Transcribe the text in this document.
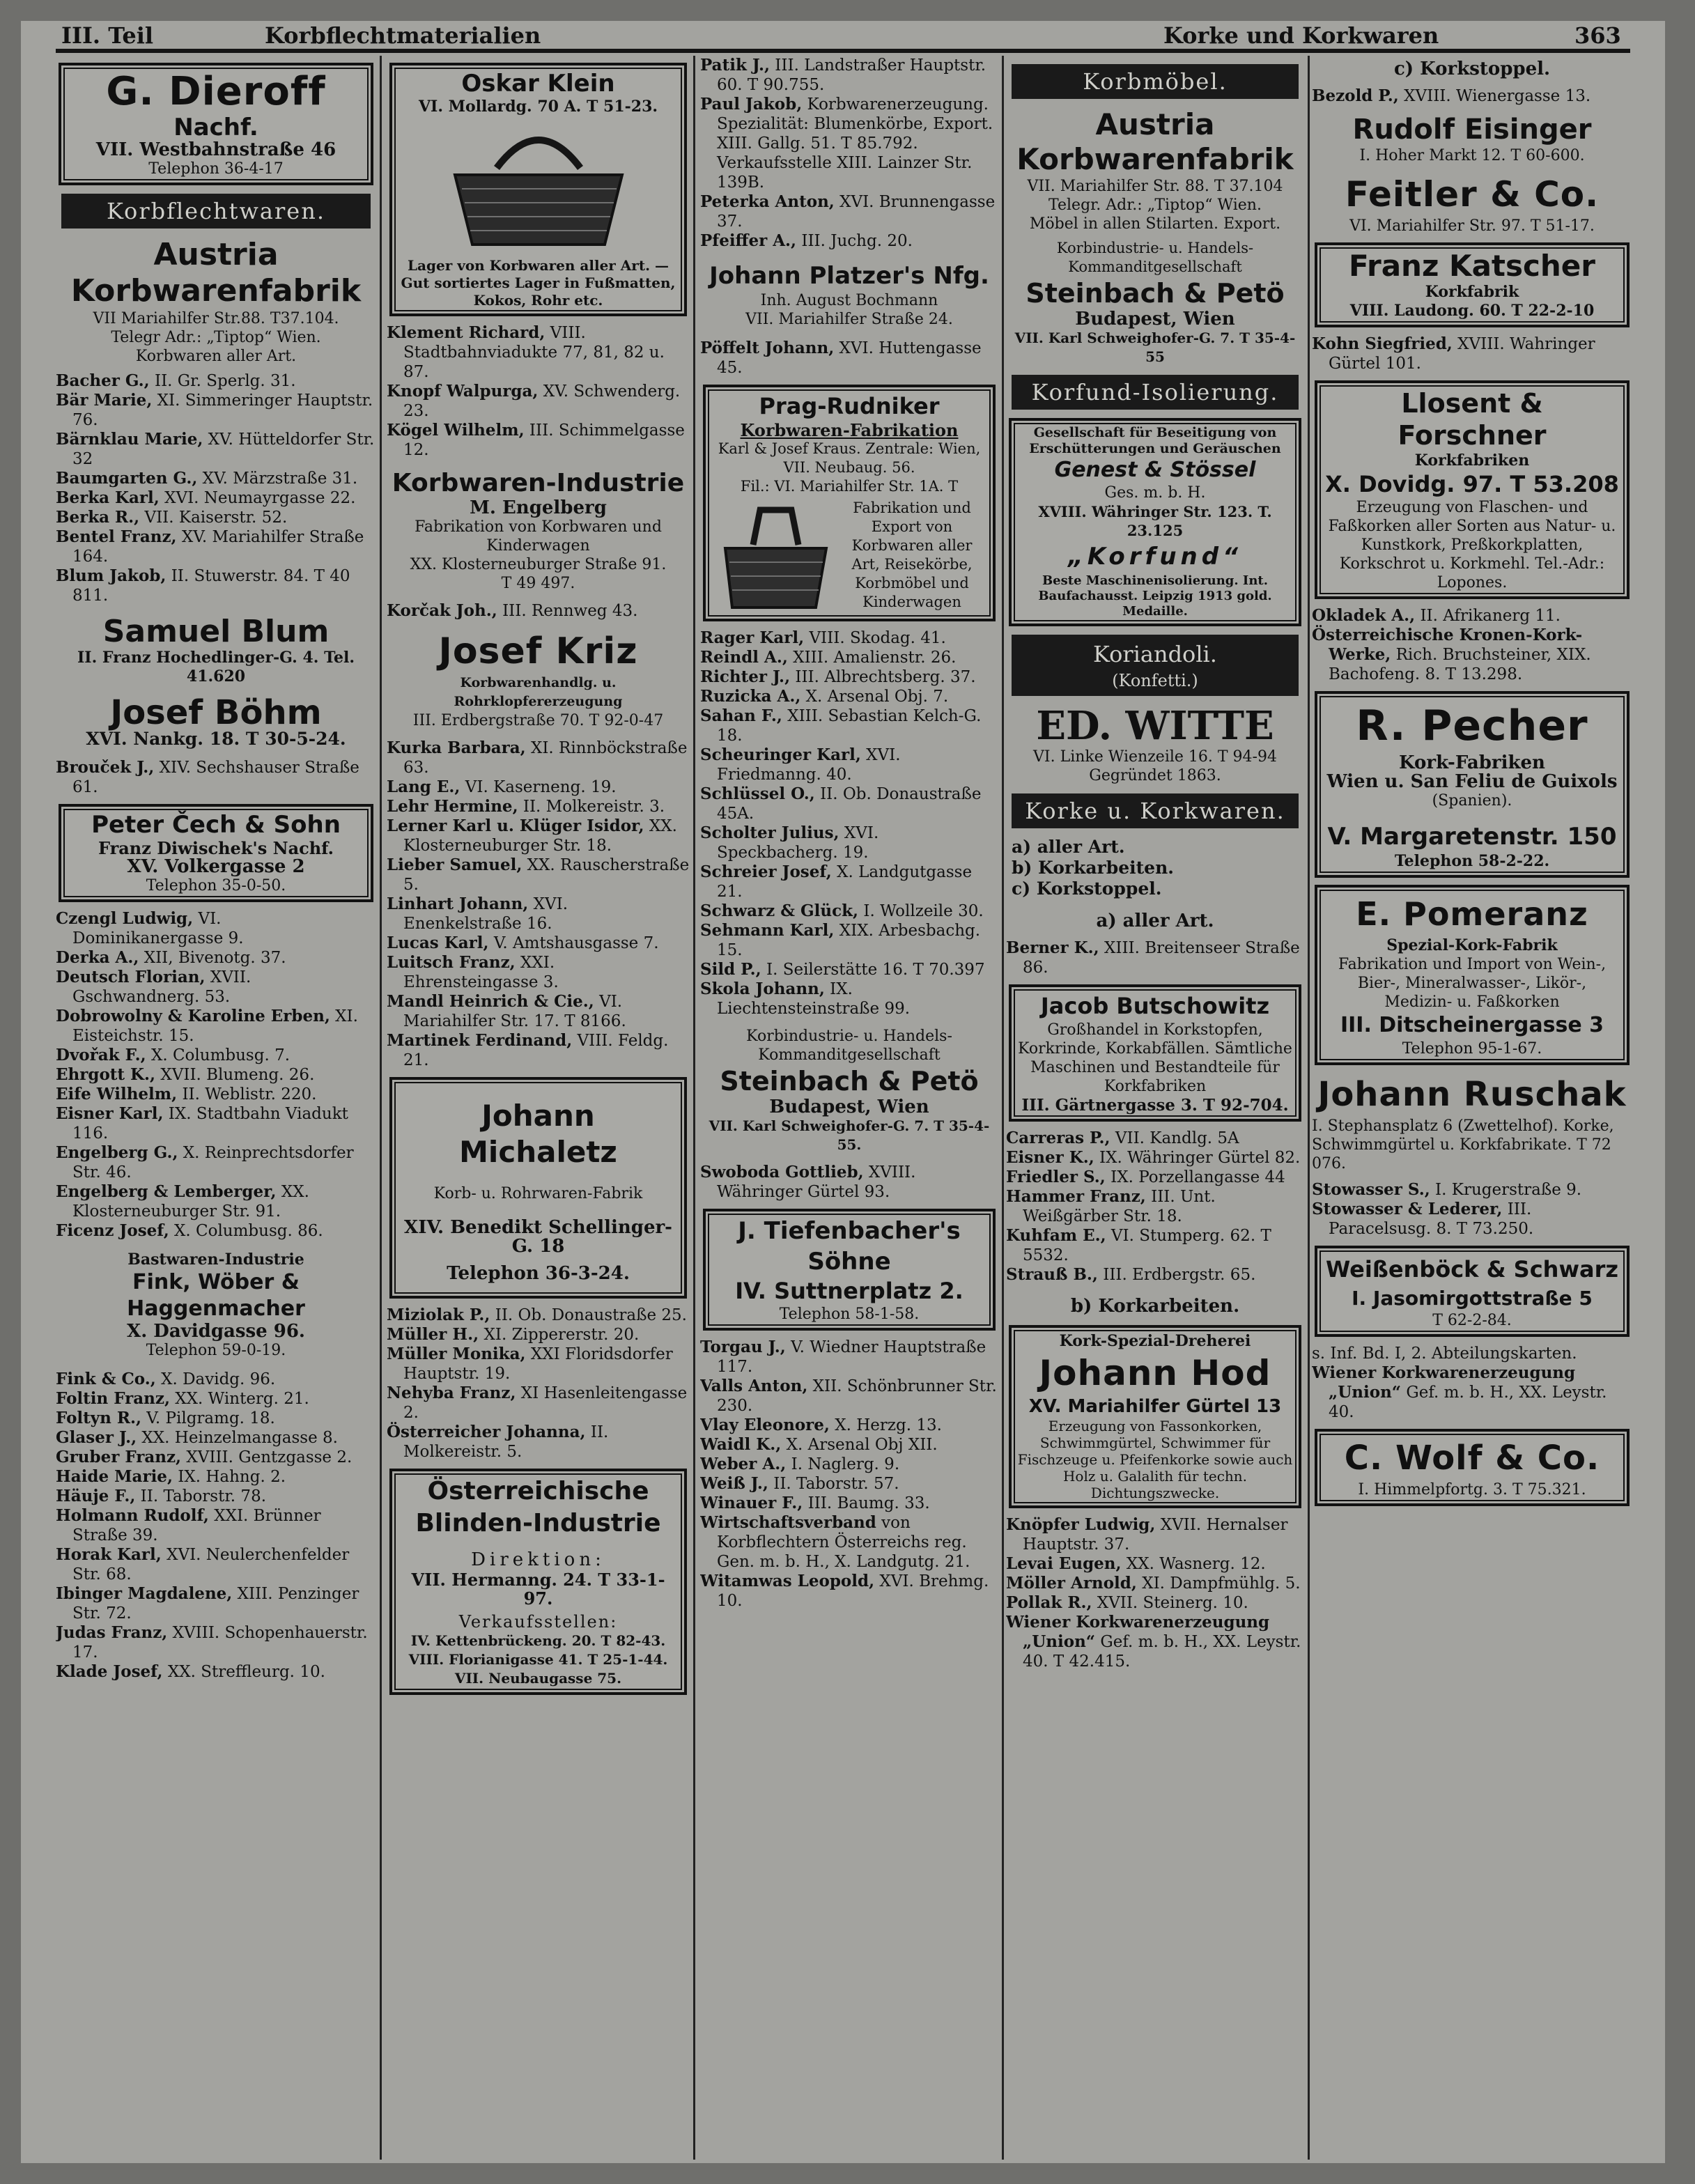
III. Teil	Korbflechtmaterialien	Korke und Korkwaren	363
G. Dieroff
Nachf.
VII. Westbahnstraße 46
Telephon 36-4-17
Korbflechtwaren.
Austria
Korbwarenfabrik
VII Mariahilfer Str.88. T37.104.
Telegr Adr.: „Tiptop“ Wien.
Korbwaren aller Art.

Bacher G., II. Gr. Sperlg. 31.

Bär Marie, XI. Simmeringer Hauptstr. 76.

Bärnklau Marie, XV. Hütteldorfer Str. 32

Baumgarten G., XV. Märzstraße 31.

Berka Karl, XVI. Neumayrgasse 22.

Berka R., VII. Kaiserstr. 52.

Bentel Franz, XV. Mariahilfer Straße 164.

Blum Jakob, II. Stuwerstr. 84. T 40 811.

Samuel Blum
II. Franz Hochedlinger-G. 4. Tel. 41.620
Josef Böhm
XVI. Nankg. 18. T 30-5-24.

Brouček J., XIV. Sechshauser Straße 61.

Peter Čech & Sohn
Franz Diwischek's Nachf.
XV. Volkergasse 2
Telephon 35-0-50.

Czengl Ludwig, VI. Dominikanergasse 9.

Derka A., XII, Bivenotg. 37.

Deutsch Florian, XVII. Gschwandnerg. 53.

Dobrowolny & Karoline Erben, XI. Eisteichstr. 15.

Dvořak F., X. Columbusg. 7.

Ehrgott K., XVII. Blumeng. 26.

Eife Wilhelm, II. Weblistr. 220.

Eisner Karl, IX. Stadtbahn Viadukt 116.

Engelberg G., X. Reinprechtsdorfer Str. 46.

Engelberg & Lemberger, XX. Klosterneuburger Str. 91.

Ficenz Josef, X. Columbusg. 86.

Bastwaren-Industrie
Fink, Wöber & Haggenmacher
X. Davidgasse 96.
Telephon 59-0-19.

Fink & Co., X. Davidg. 96.

Foltin Franz, XX. Winterg. 21.

Foltyn R., V. Pilgramg. 18.

Glaser J., XX. Heinzelmangasse 8.

Gruber Franz, XVIII. Gentzgasse 2.

Haide Marie, IX. Hahng. 2.

Häuje F., II. Taborstr. 78.

Holmann Rudolf, XXI. Brünner Straße 39.

Horak Karl, XVI. Neulerchenfelder Str. 68.

Ibinger Magdalene, XIII. Penzinger Str. 72.

Judas Franz, XVIII. Schopenhauerstr. 17.

Klade Josef, XX. Streffleurg. 10.

Oskar Klein
VI. Mollardg. 70 A. T 51-23.
Lager von Korbwaren aller Art. — Gut sortiertes Lager in Fußmatten, Kokos, Rohr etc.

Klement Richard, VIII. Stadtbahnviadukte 77, 81, 82 u. 87.

Knopf Walpurga, XV. Schwenderg. 23.

Kögel Wilhelm, III. Schimmelgasse 12.

Korbwaren-Industrie
M. Engelberg
Fabrikation von Korbwaren und Kinderwagen
XX. Klosterneuburger Straße 91.
T 49 497.

Korčak Joh., III. Rennweg 43.

Josef Kriz
Korbwarenhandlg. u. Rohrklopfererzeugung
III. Erdbergstraße 70. T 92-0-47

Kurka Barbara, XI. Rinnböckstraße 63.

Lang E., VI. Kaserneng. 19.

Lehr Hermine, II. Molkereistr. 3.

Lerner Karl u. Klüger Isidor, XX. Klosterneuburger Str. 18.

Lieber Samuel, XX. Rauscherstraße 5.

Linhart Johann, XVI. Enenkelstraße 16.

Lucas Karl, V. Amtshausgasse 7.

Luitsch Franz, XXI. Ehrensteingasse 3.

Mandl Heinrich & Cie., VI. Mariahilfer Str. 17. T 8166.

Martinek Ferdinand, VIII. Feldg. 21.

Johann Michaletz
Korb- u. Rohrwaren-Fabrik
XIV. Benedikt Schellinger-G. 18
Telephon 36-3-24.

Miziolak P., II. Ob. Donaustraße 25.

Müller H., XI. Zippererstr. 20.

Müller Monika, XXI Floridsdorfer Hauptstr. 19.

Nehyba Franz, XI Hasenleitengasse 2.

Österreicher Johanna, II. Molkereistr. 5.

Österreichische
Blinden-Industrie
Direktion:
VII. Hermanng. 24. T 33-1-97.
Verkaufsstellen:
IV. Kettenbrückeng. 20. T 82-43.
VIII. Florianigasse 41. T 25-1-44.
VII. Neubaugasse 75.

Patik J., III. Landstraßer Hauptstr. 60. T 90.755.

Paul Jakob, Korbwarenerzeugung. Spezialität: Blumenkörbe, Export. XIII. Gallg. 51. T 85.792. Verkaufsstelle XIII. Lainzer Str. 139B.

Peterka Anton, XVI. Brunnengasse 37.

Pfeiffer A., III. Juchg. 20.

Johann Platzer's Nfg.
Inh. August Bochmann
VII. Mariahilfer Straße 24.

Pöffelt Johann, XVI. Huttengasse 45.

Prag-Rudniker
Korbwaren-Fabrikation
Karl & Josef Kraus. Zentrale: Wien, VII. Neubaug. 56.
Fil.: VI. Mariahilfer Str. 1A. T
Fabrikation und Export von Korbwaren aller Art, Reisekörbe, Korbmöbel und Kinderwagen

Rager Karl, VIII. Skodag. 41.

Reindl A., XIII. Amalienstr. 26.

Richter J., III. Albrechtsberg. 37.

Ruzicka A., X. Arsenal Obj. 7.

Sahan F., XIII. Sebastian Kelch-G. 18.

Scheuringer Karl, XVI. Friedmanng. 40.

Schlüssel O., II. Ob. Donaustraße 45A.

Scholter Julius, XVI. Speckbacherg. 19.

Schreier Josef, X. Landgutgasse 21.

Schwarz & Glück, I. Wollzeile 30.

Sehmann Karl, XIX. Arbesbachg. 15.

Sild P., I. Seilerstätte 16. T 70.397

Skola Johann, IX. Liechtensteinstraße 99.

Korbindustrie- u. Handels-Kommanditgesellschaft
Steinbach & Petö
Budapest, Wien
VII. Karl Schweighofer-G. 7. T 35-4-55.

Swoboda Gottlieb, XVIII. Währinger Gürtel 93.

J. Tiefenbacher's Söhne
IV. Suttnerplatz 2.
Telephon 58-1-58.

Torgau J., V. Wiedner Hauptstraße 117.

Valls Anton, XII. Schönbrunner Str. 230.

Vlay Eleonore, X. Herzg. 13.

Waidl K., X. Arsenal Obj XII.

Weber A., I. Naglerg. 9.

Weiß J., II. Taborstr. 57.

Winauer F., III. Baumg. 33.

Wirtschaftsverband von Korbflechtern Österreichs reg. Gen. m. b. H., X. Landgutg. 21.

Witamwas Leopold, XVI. Brehmg. 10.

Korbmöbel.
Austria
Korbwarenfabrik
VII. Mariahilfer Str. 88. T 37.104
Telegr. Adr.: „Tiptop“ Wien.
Möbel in allen Stilarten. Export.
Korbindustrie- u. Handels-Kommanditgesellschaft
Steinbach & Petö
Budapest, Wien
VII. Karl Schweighofer-G. 7. T 35-4-55
Korfund-Isolierung.
Gesellschaft für Beseitigung von Erschütterungen und Geräuschen
Genest & Stössel
Ges. m. b. H.
XVIII. Währinger Str. 123. T. 23.125
„Korfund“
Beste Maschinenisolierung. Int. Baufachausst. Leipzig 1913 gold. Medaille.
Koriandoli.
(Konfetti.)
ED. WITTE
VI. Linke Wienzeile 16. T 94-94
Gegründet 1863.
Korke u. Korkwaren.
a) aller Art.
b) Korkarbeiten.
c) Korkstoppel.
a) aller Art.

Berner K., XIII. Breitenseer Straße 86.

Jacob Butschowitz
Großhandel in Korkstopfen, Korkrinde, Korkabfällen. Sämtliche Maschinen und Bestandteile für Korkfabriken
III. Gärtnergasse 3. T 92-704.

Carreras P., VII. Kandlg. 5A

Eisner K., IX. Währinger Gürtel 82.

Friedler S., IX. Porzellangasse 44

Hammer Franz, III. Unt. Weißgärber Str. 18.

Kuhfam E., VI. Stumperg. 62. T 5532.

Strauß B., III. Erdbergstr. 65.

b) Korkarbeiten.
Kork-Spezial-Dreherei
Johann Hod
XV. Mariahilfer Gürtel 13
Erzeugung von Fassonkorken, Schwimmgürtel, Schwimmer für Fischzeuge u. Pfeifenkorke sowie auch Holz u. Galalith für techn. Dichtungszwecke.

Knöpfer Ludwig, XVII. Hernalser Hauptstr. 37.

Levai Eugen, XX. Wasnerg. 12.

Möller Arnold, XI. Dampfmühlg. 5.

Pollak R., XVII. Steinerg. 10.

Wiener Korkwarenerzeugung „Union“ Gef. m. b. H., XX. Leystr. 40. T 42.415.

c) Korkstoppel.

Bezold P., XVIII. Wienergasse 13.

Rudolf Eisinger
I. Hoher Markt 12. T 60-600.
Feitler & Co.
VI. Mariahilfer Str. 97. T 51-17.
Franz Katscher
Korkfabrik
VIII. Laudong. 60. T 22-2-10

Kohn Siegfried, XVIII. Wahringer Gürtel 101.

Llosent & Forschner
Korkfabriken
X. Dovidg. 97. T 53.208
Erzeugung von Flaschen- und Faßkorken aller Sorten aus Natur- u. Kunstkork, Preßkorkplatten, Korkschrot u. Korkmehl. Tel.-Adr.: Lopones.

Okladek A., II. Afrikanerg 11.

Österreichische Kronen-Kork-Werke, Rich. Bruchsteiner, XIX. Bachofeng. 8. T 13.298.

R. Pecher
Kork-Fabriken
Wien u. San Feliu de Guixols
(Spanien).
V. Margaretenstr. 150
Telephon 58-2-22.
E. Pomeranz
Spezial-Kork-Fabrik
Fabrikation und Import von Wein-, Bier-, Mineralwasser-, Likör-, Medizin- u. Faßkorken
III. Ditscheinergasse 3
Telephon 95-1-67.
Johann Ruschak
I. Stephansplatz 6 (Zwettelhof). Korke, Schwimmgürtel u. Korkfabrikate. T 72 076.

Stowasser S., I. Krugerstraße 9.

Stowasser & Lederer, III. Paracelsusg. 8. T 73.250.

Weißenböck & Schwarz
I. Jasomirgottstraße 5
T 62-2-84.

s. Inf. Bd. I, 2. Abteilungskarten.

Wiener Korkwarenerzeugung „Union“ Gef. m. b. H., XX. Leystr. 40.

C. Wolf & Co.
I. Himmelpfortg. 3. T 75.321.
